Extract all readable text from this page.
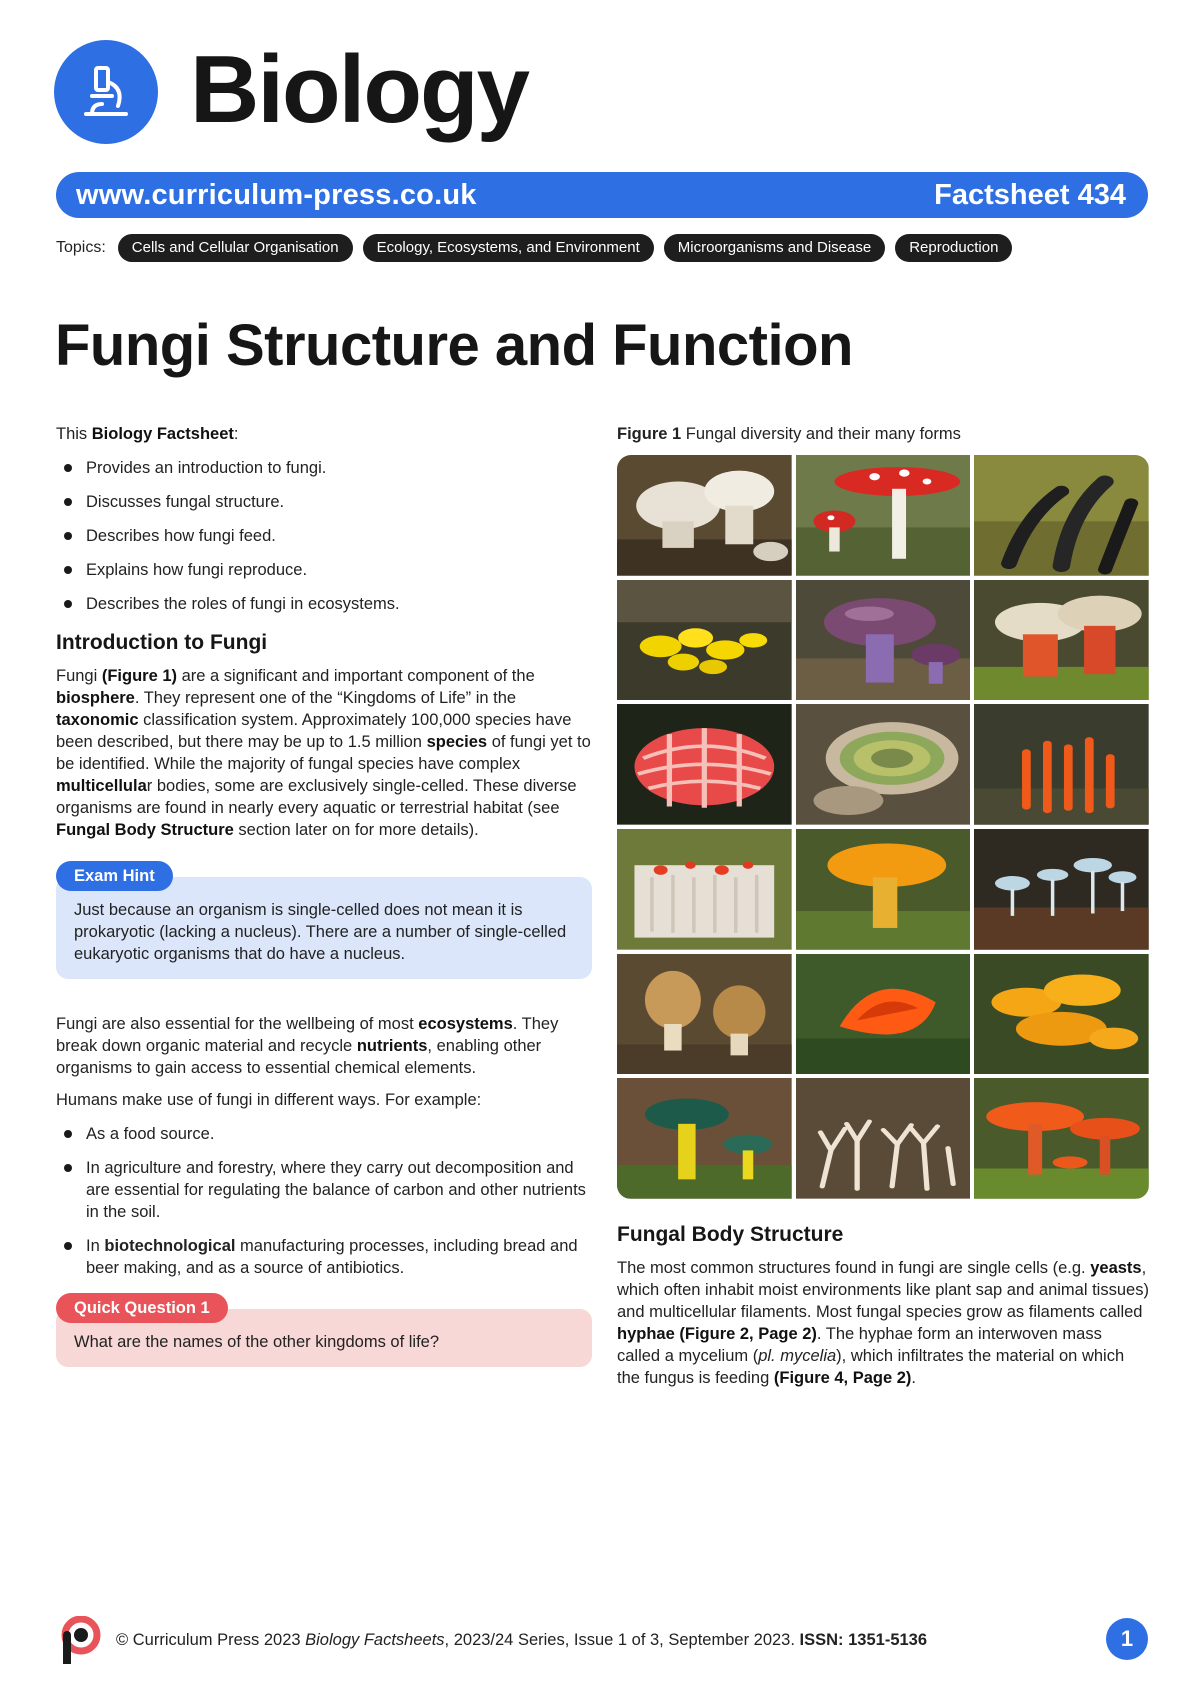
Biology
www.curriculum-press.co.uk	Factsheet 434
Topics:	Cells and Cellular Organisation	Ecology, Ecosystems, and Environment	Microorganisms and Disease	Reproduction
Fungi Structure and Function

This Biology Factsheet:

Provides an introduction to fungi.
Discusses fungal structure.
Describes how fungi feed.
Explains how fungi reproduce.
Describes the roles of fungi in ecosystems.
Introduction to Fungi

Fungi (Figure 1) are a significant and important component of the biosphere. They represent one of the “Kingdoms of Life” in the taxonomic classification system. Approximately 100,000 species have been described, but there may be up to 1.5 million species of fungi yet to be identified. While the majority of fungal species have complex multicellular bodies, some are exclusively single-celled. These diverse organisms are found in nearly every aquatic or terrestrial habitat (see Fungal Body Structure section later on for more details).

Exam Hint

Just because an organism is single-celled does not mean it is prokaryotic (lacking a nucleus). There are a number of single-celled eukaryotic organisms that do have a nucleus.

Fungi are also essential for the wellbeing of most ecosystems. They break down organic material and recycle nutrients, enabling other organisms to gain access to essential chemical elements.

Humans make use of fungi in different ways. For example:

As a food source.
In agriculture and forestry, where they carry out decomposition and are essential for regulating the balance of carbon and other nutrients in the soil.
In biotechnological manufacturing processes, including bread and beer making, and as a source of antibiotics.
Quick Question 1

What are the names of the other kingdoms of life?

Figure 1 Fungal diversity and their many forms

Fungal Body Structure

The most common structures found in fungi are single cells (e.g. yeasts, which often inhabit moist environments like plant sap and animal tissues) and multicellular filaments. Most fungal species grow as filaments called hyphae (Figure 2, Page 2). The hyphae form an interwoven mass called a mycelium (pl. mycelia), which infiltrates the material on which the fungus is feeding (Figure 4, Page 2).

© Curriculum Press 2023 Biology Factsheets, 2023/24 Series, Issue 1 of 3, September 2023. ISSN: 1351-5136	1
